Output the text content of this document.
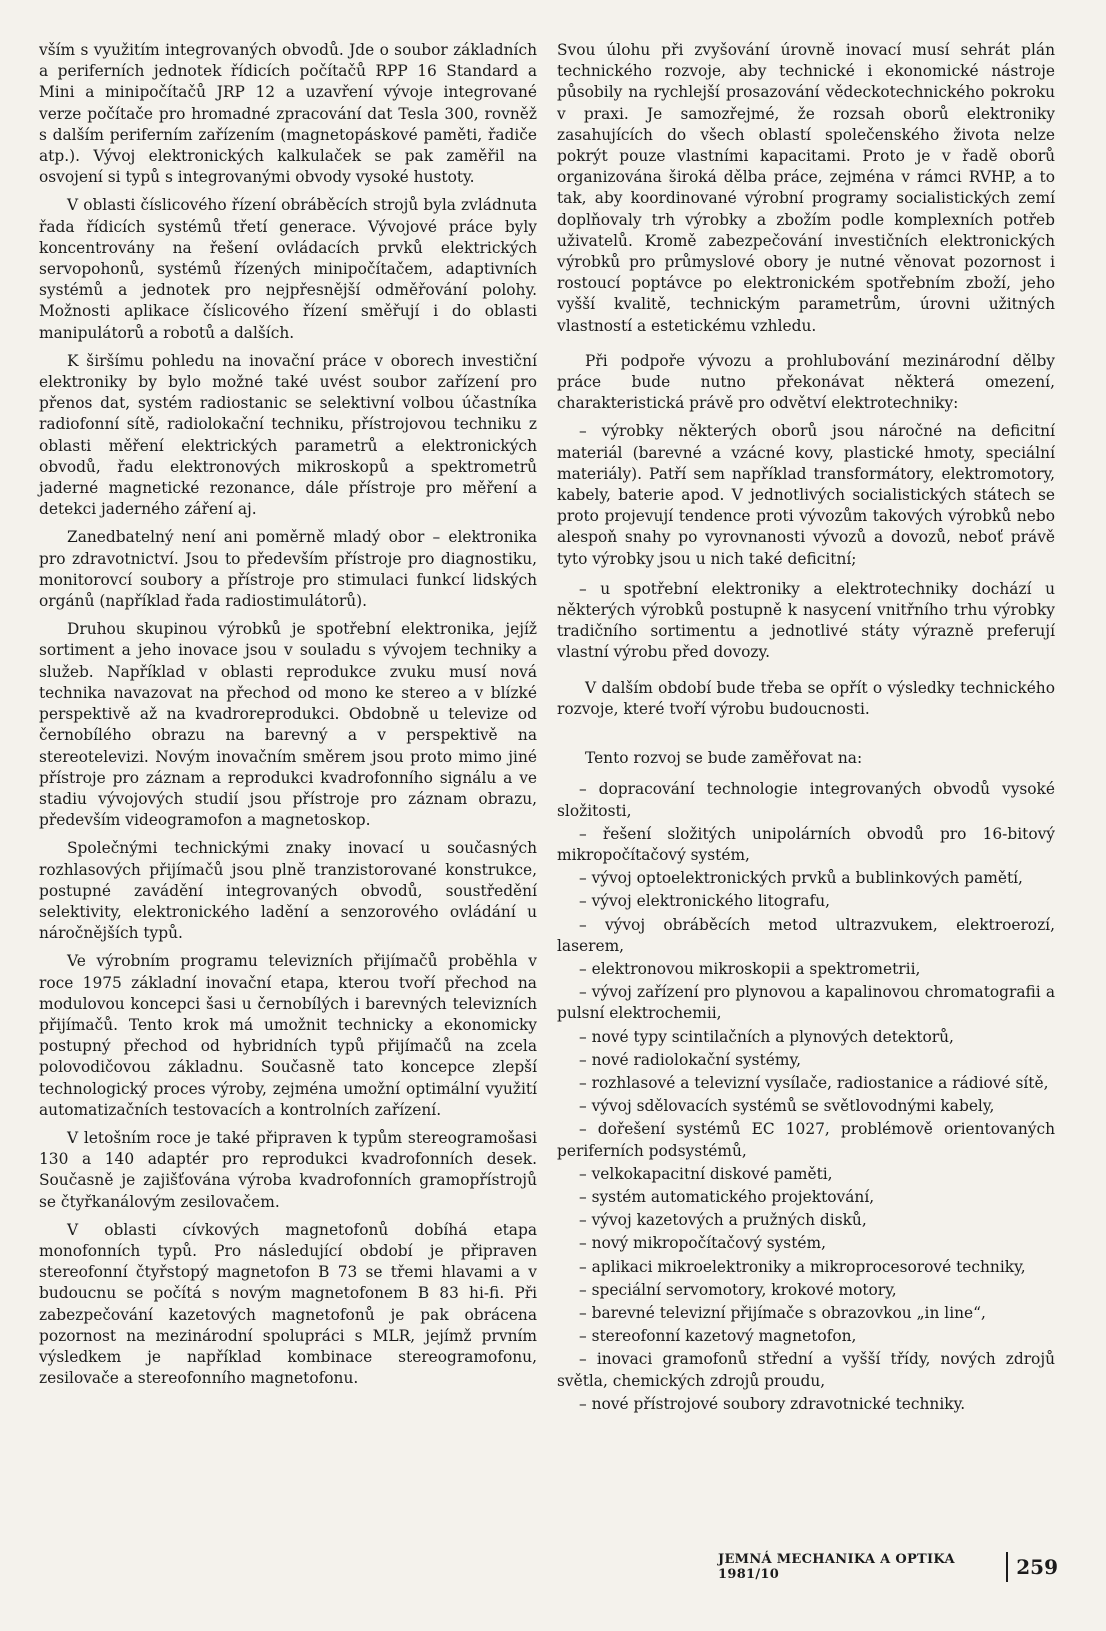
vším s využitím integrovaných obvodů. Jde o soubor základních a periferních jednotek řídicích počítačů RPP 16 Standard a Mini a minipočítačů JRP 12 a uzavření vývoje integrované verze počítače pro hromadné zpracování dat Tesla 300, rovněž s dalším periferním zařízením (magnetopáskové paměti, řadiče atp.). Vývoj elektronických kalkulaček se pak zaměřil na osvojení si typů s integrovanými obvody vysoké hustoty.

V oblasti číslicového řízení obráběcích strojů byla zvládnuta řada řídicích systémů třetí generace. Vývojové práce byly koncentrovány na řešení ovládacích prvků elektrických servopohonů, systémů řízených minipočítačem, adaptivních systémů a jednotek pro nejpřesnější odměřování polohy. Možnosti aplikace číslicového řízení směřují i do oblasti manipulátorů a robotů a dalších.

K širšímu pohledu na inovační práce v oborech investiční elektroniky by bylo možné také uvést soubor zařízení pro přenos dat, systém radiostanic se selektivní volbou účastníka radiofonní sítě, radiolokační techniku, přístrojovou techniku z oblasti měření elektrických parametrů a elektronických obvodů, řadu elektronových mikroskopů a spektrometrů jaderné magnetické rezonance, dále přístroje pro měření a detekci jaderného záření aj.

Zanedbatelný není ani poměrně mladý obor – elektronika pro zdravotnictví. Jsou to především přístroje pro diagnostiku, monitorovcí soubory a přístroje pro stimulaci funkcí lidských orgánů (například řada radiostimulátorů).

Druhou skupinou výrobků je spotřební elektronika, jejíž sortiment a jeho inovace jsou v souladu s vývojem techniky a služeb. Například v oblasti reprodukce zvuku musí nová technika navazovat na přechod od mono ke stereo a v blízké perspektivě až na kvadroreprodukci. Obdobně u televize od černobílého obrazu na barevný a v perspektivě na stereotelevizi. Novým inovačním směrem jsou proto mimo jiné přístroje pro záznam a reprodukci kvadrofonního signálu a ve stadiu vývojových studií jsou přístroje pro záznam obrazu, především videogramofon a magnetoskop.

Společnými technickými znaky inovací u současných rozhlasových přijímačů jsou plně tranzistorované konstrukce, postupné zavádění integrovaných obvodů, soustředění selektivity, elektronického ladění a senzorového ovládání u náročnějších typů.

Ve výrobním programu televizních přijímačů proběhla v roce 1975 základní inovační etapa, kterou tvoří přechod na modulovou koncepci šasi u černobílých i barevných televizních přijímačů. Tento krok má umožnit technicky a ekonomicky postupný přechod od hybridních typů přijímačů na zcela polovodičovou základnu. Současně tato koncepce zlepší technologický proces výroby, zejména umožní optimální využití automatizačních testovacích a kontrolních zařízení.

V letošním roce je také připraven k typům stereogramošasi 130 a 140 adaptér pro reprodukci kvadrofonních desek. Současně je zajišťována výroba kvadrofonních gramopřístrojů se čtyřkanálovým zesilovačem.

V oblasti cívkových magnetofonů dobíhá etapa monofonních typů. Pro následující období je připraven stereofonní čtyřstopý magnetofon B 73 se třemi hlavami a v budoucnu se počítá s novým magnetofonem B 83 hi-fi. Při zabezpečování kazetových magnetofonů je pak obrácena pozornost na mezinárodní spolupráci s MLR, jejímž prvním výsledkem je například kombinace stereogramofonu, zesilovače a stereofonního magnetofonu.

Svou úlohu při zvyšování úrovně inovací musí sehrát plán technického rozvoje, aby technické i ekonomické nástroje působily na rychlejší prosazování vědeckotechnického pokroku v praxi. Je samozřejmé, že rozsah oborů elektroniky zasahujících do všech oblastí společenského života nelze pokrýt pouze vlastními kapacitami. Proto je v řadě oborů organizována široká dělba práce, zejména v rámci RVHP, a to tak, aby koordinované výrobní programy socialistických zemí doplňovaly trh výrobky a zbožím podle komplexních potřeb uživatelů. Kromě zabezpečování investičních elektronických výrobků pro průmyslové obory je nutné věnovat pozornost i rostoucí poptávce po elektronickém spotřebním zboží, jeho vyšší kvalitě, technickým parametrům, úrovni užitných vlastností a estetickému vzhledu.

Při podpoře vývozu a prohlubování mezinárodní dělby práce bude nutno překonávat některá omezení, charakteristická právě pro odvětví elektrotechniky:

– výrobky některých oborů jsou náročné na deficitní materiál (barevné a vzácné kovy, plastické hmoty, speciální materiály). Patří sem například transformátory, elektromotory, kabely, baterie apod. V jednotlivých socialistických státech se proto projevují tendence proti vývozům takových výrobků nebo alespoň snahy po vyrovnanosti vývozů a dovozů, neboť právě tyto výrobky jsou u nich také deficitní;
– u spotřební elektroniky a elektrotechniky dochází u některých výrobků postupně k nasycení vnitřního trhu výrobky tradičního sortimentu a jednotlivé státy výrazně preferují vlastní výrobu před dovozy.

V dalším období bude třeba se opřít o výsledky technického rozvoje, které tvoří výrobu budoucnosti.

Tento rozvoj se bude zaměřovat na:

– dopracování technologie integrovaných obvodů vysoké složitosti,
– řešení složitých unipolárních obvodů pro 16-bitový mikropočítačový systém,
– vývoj optoelektronických prvků a bublinkových pamětí,
– vývoj elektronického litografu,
– vývoj obráběcích metod ultrazvukem, elektroerozí, laserem,
– elektronovou mikroskopii a spektrometrii,
– vývoj zařízení pro plynovou a kapalinovou chromatografii a pulsní elektrochemii,
– nové typy scintilačních a plynových detektorů,
– nové radiolokační systémy,
– rozhlasové a televizní vysílače, radiostanice a rádiové sítě,
– vývoj sdělovacích systémů se světlovodnými kabely,
– dořešení systémů EC 1027, problémově orientovaných periferních podsystémů,
– velkokapacitní diskové paměti,
– systém automatického projektování,
– vývoj kazetových a pružných disků,
– nový mikropočítačový systém,
– aplikaci mikroelektroniky a mikroprocesorové techniky,
– speciální servomotory, krokové motory,
– barevné televizní přijímače s obrazovkou „in line“,
– stereofonní kazetový magnetofon,
– inovaci gramofonů střední a vyšší třídy, nových zdrojů světla, chemických zdrojů proudu,
– nové přístrojové soubory zdravotnické techniky.
JEMNÁ MECHANIKA A OPTIKA 1981/10	259
